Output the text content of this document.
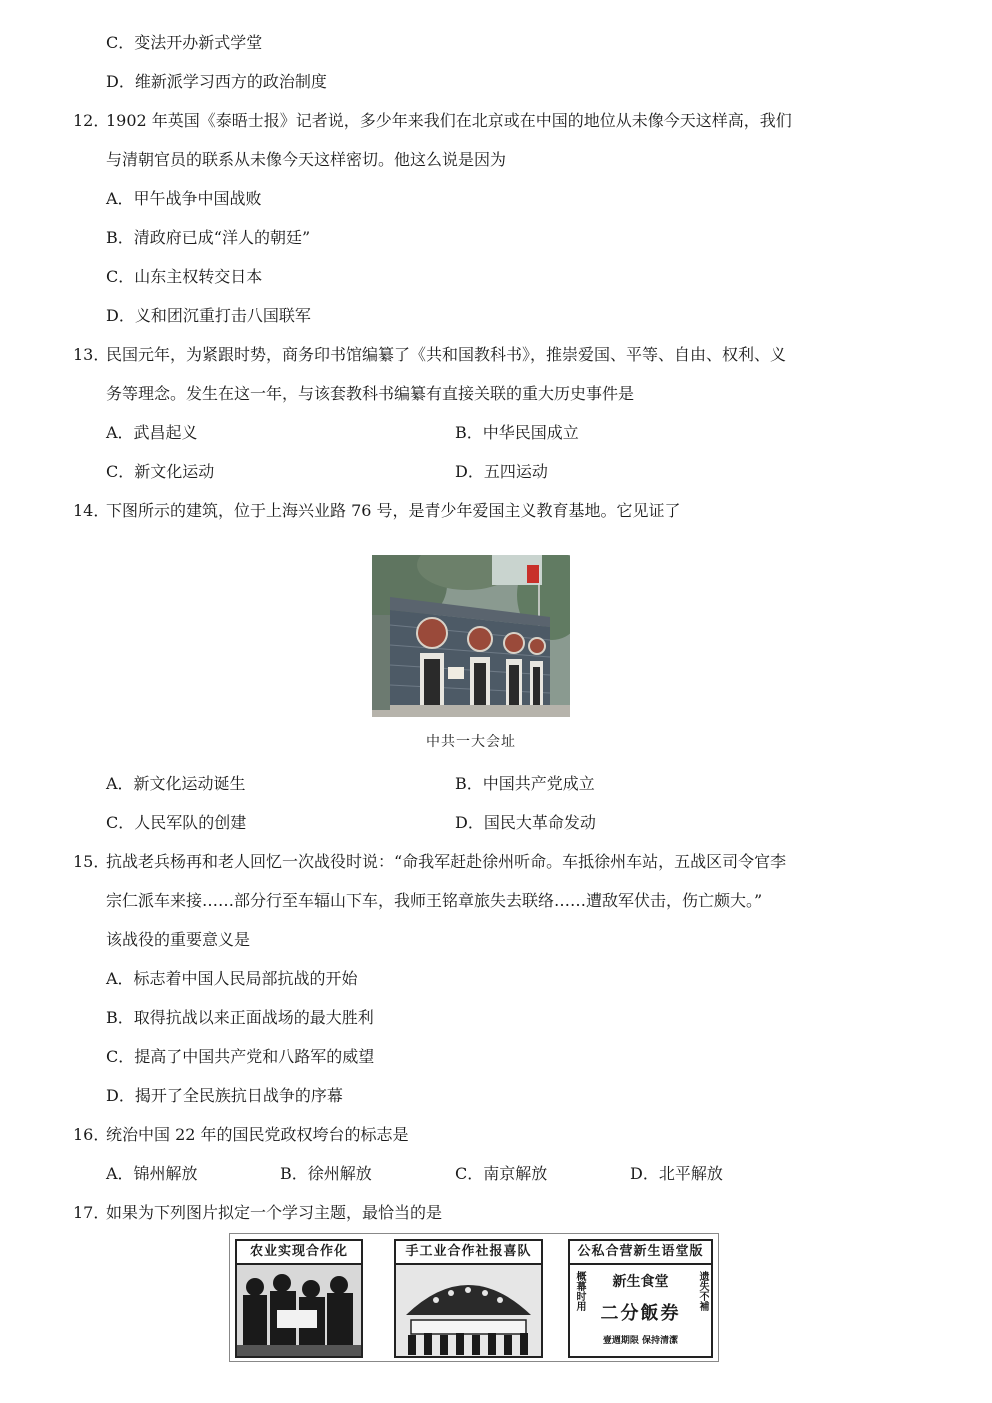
C．变法开办新式学堂
D．维新派学习西方的政治制度
12．
1902 年英国《泰晤士报》记者说，多少年来我们在北京或在中国的地位从未像今天这样高，我们
与清朝官员的联系从未像今天这样密切。他这么说是因为
A．甲午战争中国战败
B．清政府已成“洋人的朝廷”
C．山东主权转交日本
D．义和团沉重打击八国联军
13．
民国元年，为紧跟时势，商务印书馆编纂了《共和国教科书》，推崇爱国、平等、自由、权利、义
务等理念。发生在这一年，与该套教科书编纂有直接关联的重大历史事件是
A．武昌起义	B．中华民国成立
C．新文化运动	D．五四运动
14．
下图所示的建筑，位于上海兴业路 76 号，是青少年爱国主义教育基地。它见证了
中共一大会址
A．新文化运动诞生	B．中国共产党成立
C．人民军队的创建	D．国民大革命发动
15．
抗战老兵杨再和老人回忆一次战役时说：“命我军赶赴徐州听命。车抵徐州车站，五战区司令官李
宗仁派车来接……部分行至车辐山下车，我师王铭章旅失去联络……遭敌军伏击，伤亡颇大。”
该战役的重要意义是
A．标志着中国人民局部抗战的开始
B．取得抗战以来正面战场的最大胜利
C．提高了中国共产党和八路军的威望
D．揭开了全民族抗日战争的序幕
16．
统治中国 22 年的国民党政权垮台的标志是
A．锦州解放	B．徐州解放	C．南京解放	D．北平解放
17．
如果为下列图片拟定一个学习主题，最恰当的是
农业实现合作化	手工业合作社报喜队	公私合营新生语堂版
概幕时用	遗失不補
新生食堂
二分飯券
壹週期限 保持清潔
